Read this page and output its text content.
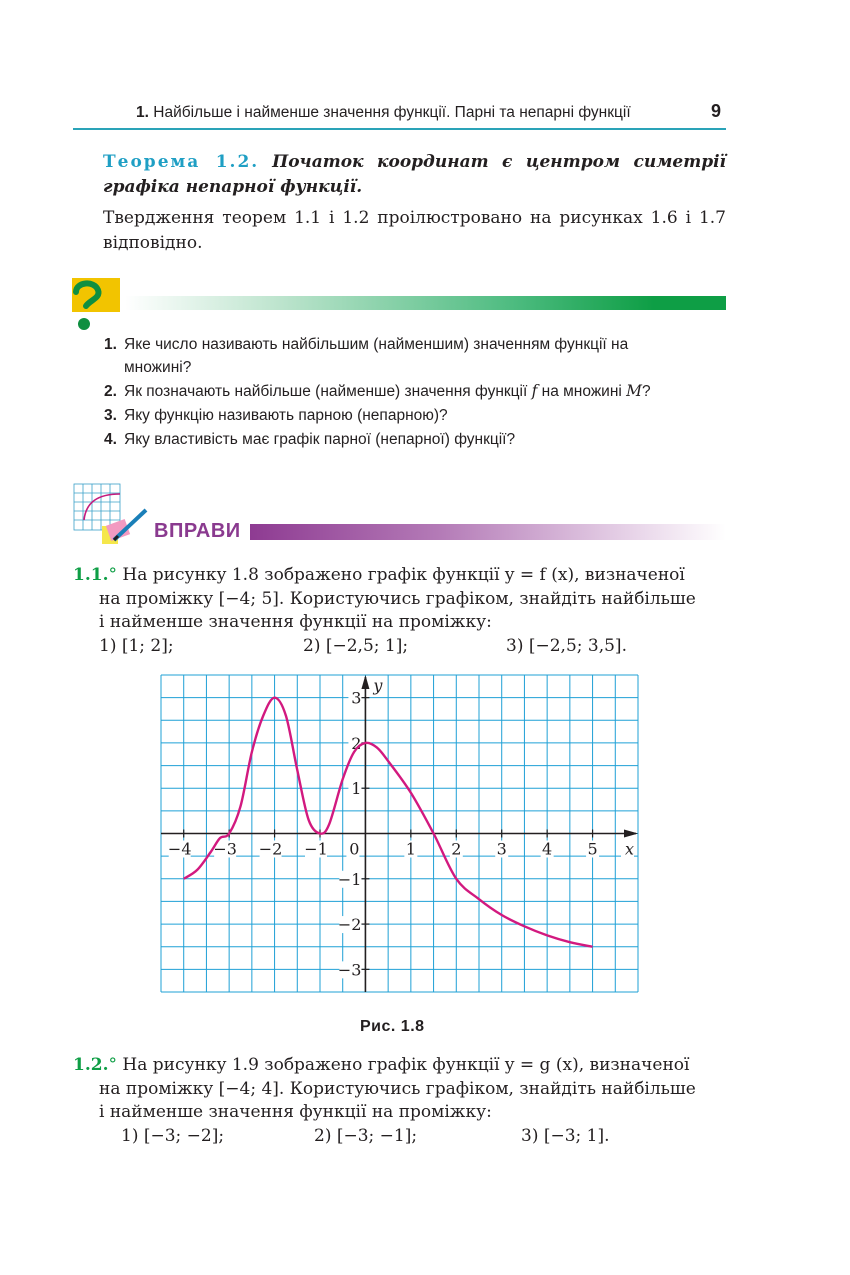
1. Найбільше і найменше значення функції. Парні та непарні функції	9
Теорема 1.2. Початок координат є центром симетрії графіка непарної функції.
Твердження теорем 1.1 і 1.2 проілюстровано на рисунках 1.6 і 1.7 відповідно.
1. Яке число називають найбільшим (найменшим) значенням функції на
множині?
2. Як позначають найбільше (найменше) значення функції f на множині M?
3. Яку функцію називають парною (непарною)?
4. Яку властивість має графік парної (непарної) функції?
ВПРАВИ
1.1.° На рисунку 1.8 зображено графік функції y = f (x), визначеної
на проміжку [−4; 5]. Користуючись графіком, знайдіть найбільше
і найменше значення функції на проміжку:
1) [1; 2];	2) [−2,5; 1];	3) [−2,5; 3,5].
−4 −3 −2 −1 0	1 2 3 4 5
3
2
1
−1
−2
−3
x
y
Рис. 1.8
1.2.° На рисунку 1.9 зображено графік функції y = g (x), визначеної
на проміжку [−4; 4]. Користуючись графіком, знайдіть найбільше
і найменше значення функції на проміжку:
1) [−3; −2];	2) [−3; −1];	3) [−3; 1].
